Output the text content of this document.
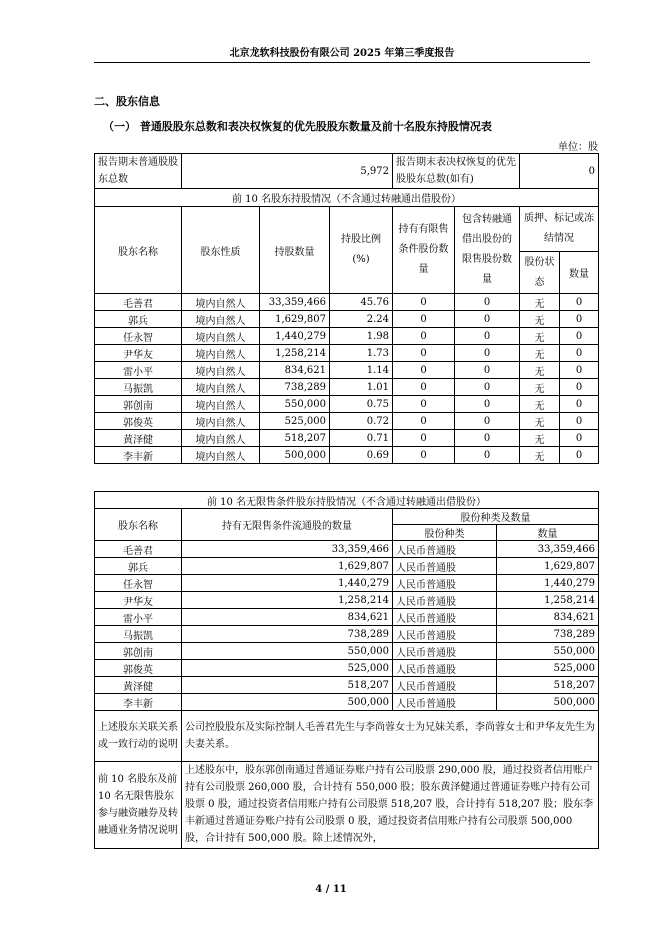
北京龙软科技股份有限公司 2025 年第三季度报告
二、股东信息
（一） 普通股股东总数和表决权恢复的优先股股东数量及前十名股东持股情况表
单位：股
报告期末普通股股东总数	5,972			报告期末表决权恢复的优先股股东总数(如有)		0	
前 10 名股东持股情况（不含通过转融通出借股份）							
股东名称	股东性质	持股数量	持股比例(%)	持有有限售条件股份数量	包含转融通借出股份的限售股份数量	质押、标记或冻结情况	
						股份状态	数量
毛善君	境内自然人	33,359,466	45.76	0	0	无	0
郭兵	境内自然人	1,629,807	2.24	0	0	无	0
任永智	境内自然人	1,440,279	1.98	0	0	无	0
尹华友	境内自然人	1,258,214	1.73	0	0	无	0
雷小平	境内自然人	834,621	1.14	0	0	无	0
马振凯	境内自然人	738,289	1.01	0	0	无	0
郭创南	境内自然人	550,000	0.75	0	0	无	0
郭俊英	境内自然人	525,000	0.72	0	0	无	0
黄泽健	境内自然人	518,207	0.71	0	0	无	0
李丰新	境内自然人	500,000	0.69	0	0	无	0
前 10 名无限售条件股东持股情况（不含通过转融通出借股份）			
股东名称	持有无限售条件流通股的数量	股份种类及数量	
		股份种类	数量
毛善君	33,359,466	人民币普通股	33,359,466
郭兵	1,629,807	人民币普通股	1,629,807
任永智	1,440,279	人民币普通股	1,440,279
尹华友	1,258,214	人民币普通股	1,258,214
雷小平	834,621	人民币普通股	834,621
马振凯	738,289	人民币普通股	738,289
郭创南	550,000	人民币普通股	550,000
郭俊英	525,000	人民币普通股	525,000
黄泽健	518,207	人民币普通股	518,207
李丰新	500,000	人民币普通股	500,000
上述股东关联关系或一致行动的说明	公司控股股东及实际控制人毛善君先生与李尚蓉女士为兄妹关系，李尚蓉女士和尹华友先生为夫妻关系。		
前 10 名股东及前 10 名无限售股东参与融资融券及转融通业务情况说明	上述股东中，股东郭创南通过普通证券账户持有公司股票 290,000 股，通过投资者信用账户持有公司股票 260,000 股，合计持有 550,000 股；股东黄泽健通过普通证券账户持有公司股票 0 股，通过投资者信用账户持有公司股票 518,207 股，合计持有 518,207 股；股东李丰新通过普通证券账户持有公司股票 0 股，通过投资者信用账户持有公司股票 500,000 股，合计持有 500,000 股。除上述情况外，		
4 / 11
